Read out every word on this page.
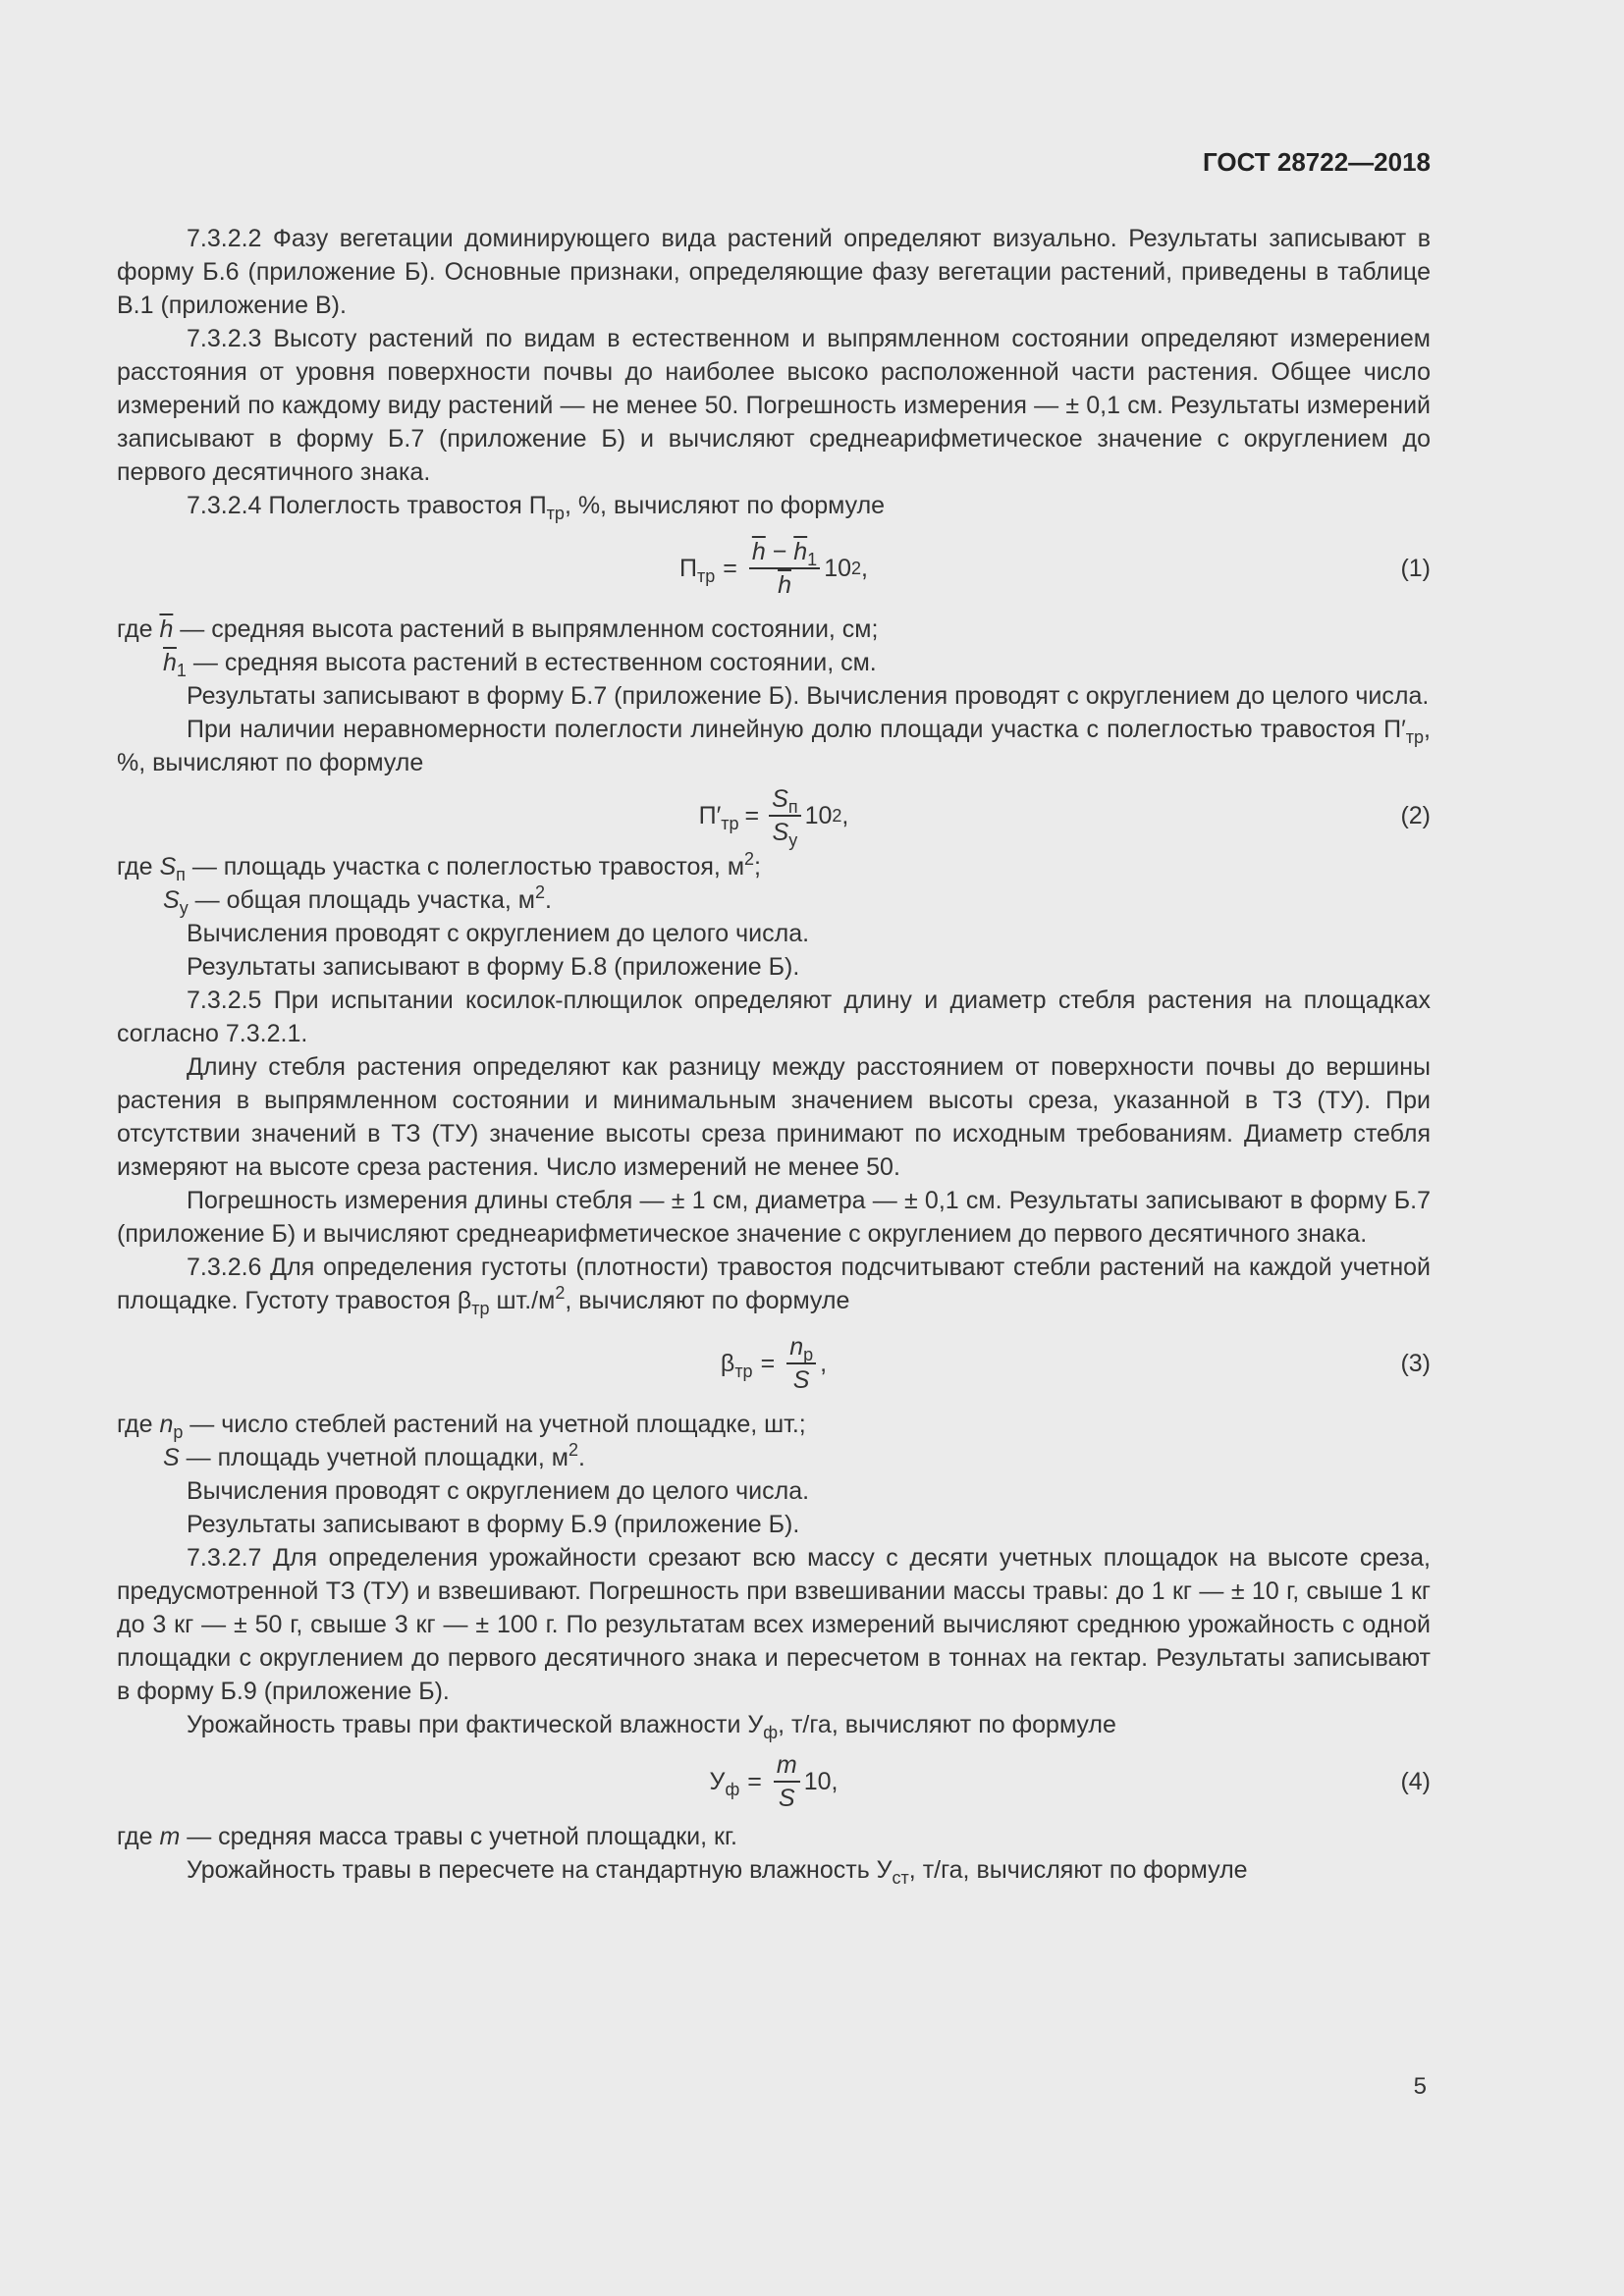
ГОСТ 28722—2018

7.3.2.2 Фазу вегетации доминирующего вида растений определяют визуально. Результаты записывают в форму Б.6 (приложение Б). Основные признаки, определяющие фазу вегетации растений, приведены в таблице В.1 (приложение В).

7.3.2.3 Высоту растений по видам в естественном и выпрямленном состоянии определяют измерением расстояния от уровня поверхности почвы до наиболее высоко расположенной части растения. Общее число измерений по каждому виду растений — не менее 50. Погрешность измерения — ± 0,1 см. Результаты измерений записывают в форму Б.7 (приложение Б) и вычисляют среднеарифметическое значение с округлением до первого десятичного знака.

7.3.2.4 Полеглость травостоя $П_{тр}$, %, вычисляют по формуле

$П_{тр} = \frac{\overline{h} - \overline{h}_1}{h} 10$ 2 ,	(1)

где $\overline{h}$ — средняя высота растений в выпрямленном состоянии, см;

$\overline{h}_1$ — средняя высота растений в естественном состоянии, см.

Результаты записывают в форму Б.7 (приложение Б). Вычисления проводят с округлением до целого числа.

При наличии неравномерности полеглости линейную долю площади участка с полеглостью травостоя $П'_{тр}$, %, вычисляют по формуле

$П'_{тр} = \frac{S_п}{S_у} 10$ 2 ,	(2)

где $S_п$ — площадь участка с полеглостью травостоя, $м^2$;

$S_у$ — общая площадь участка, $м^2$.

Вычисления проводят с округлением до целого числа.

Результаты записывают в форму Б.8 (приложение Б).

7.3.2.5 При испытании косилок-плющилок определяют длину и диаметр стебля растения на площадках согласно 7.3.2.1.

Длину стебля растения определяют как разницу между расстоянием от поверхности почвы до вершины растения в выпрямленном состоянии и минимальным значением высоты среза, указанной в ТЗ (ТУ). При отсутствии значений в ТЗ (ТУ) значение высоты среза принимают по исходным требованиям. Диаметр стебля измеряют на высоте среза растения. Число измерений не менее 50.

Погрешность измерения длины стебля — ± 1 см, диаметра — ± 0,1 см. Результаты записывают в форму Б.7 (приложение Б) и вычисляют среднеарифметическое значение с округлением до первого десятичного знака.

7.3.2.6 Для определения густоты (плотности) травостоя подсчитывают стебли растений на каждой учетной площадке. Густоту травостоя $\beta_{тр}$ $шт./м^2$, вычисляют по формуле

$\beta_{тр} = \frac{n_р}{S}$ ,	(3)

где $n_р$ — число стеблей растений на учетной площадке, шт.;

S — площадь учетной площадки, $м^2$.

Вычисления проводят с округлением до целого числа.

Результаты записывают в форму Б.9 (приложение Б).

7.3.2.7 Для определения урожайности срезают всю массу с десяти учетных площадок на высоте среза, предусмотренной ТЗ (ТУ) и взвешивают. Погрешность при взвешивании массы травы: до 1 кг — ± 10 г, свыше 1 кг до 3 кг — ± 50 г, свыше 3 кг — ± 100 г. По результатам всех измерений вычисляют среднюю урожайность с одной площадки с округлением до первого десятичного знака и пересчетом в тоннах на гектар. Результаты записывают в форму Б.9 (приложение Б).

Урожайность травы при фактической влажности $У_ф$, т/га, вычисляют по формуле

$У_ф = \frac{m}{S} 10$ ,	(4)

где m — средняя масса травы с учетной площадки, кг.

Урожайность травы в пересчете на стандартную влажность $У_{ст}$, т/га, вычисляют по формуле

5
